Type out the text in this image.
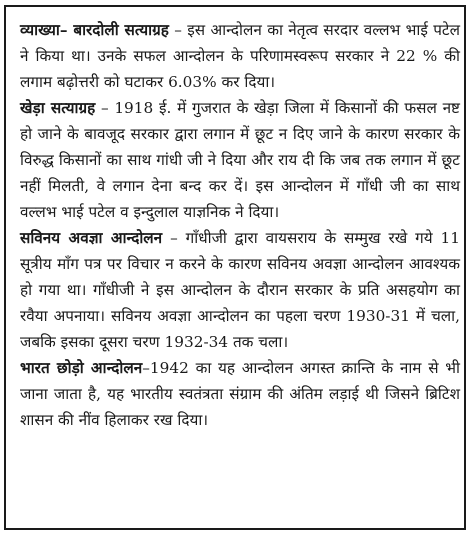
व्याख्या– बारदोली सत्याग्रह – इस आन्दोलन का नेतृत्व सरदार वल्लभ भाई पटेल ने किया था। उनके सफल आन्दोलन के परिणामस्वरूप सरकार ने 22 % की लगाम बढ़ोत्तरी को घटाकर 6.03% कर दिया।

खेड़ा सत्याग्रह – 1918 ई. में गुजरात के खेड़ा जिला में किसानों की फसल नष्ट हो जाने के बावजूद सरकार द्वारा लगान में छूट न दिए जाने के कारण सरकार के विरुद्ध किसानों का साथ गांधी जी ने दिया और राय दी कि जब तक लगान में छूट नहीं मिलती, वे लगान देना बन्द कर दें। इस आन्दोलन में गाँधी जी का साथ वल्लभ भाई पटेल व इन्दुलाल याज्ञनिक ने दिया।

सविनय अवज्ञा आन्दोलन – गाँधीजी द्वारा वायसराय के सम्मुख रखे गये 11 सूत्रीय माँग पत्र पर विचार न करने के कारण सविनय अवज्ञा आन्दोलन आवश्यक हो गया था। गाँधीजी ने इस आन्दोलन के दौरान सरकार के प्रति असहयोग का रवैया अपनाया। सविनय अवज्ञा आन्दोलन का पहला चरण 1930-31 में चला, जबकि इसका दूसरा चरण 1932-34 तक चला।

भारत छोड़ो आन्दोलन–1942 का यह आन्दोलन अगस्त क्रान्ति के नाम से भी जाना जाता है, यह भारतीय स्वतंत्रता संग्राम की अंतिम लड़ाई थी जिसने ब्रिटिश शासन की नींव हिलाकर रख दिया।
